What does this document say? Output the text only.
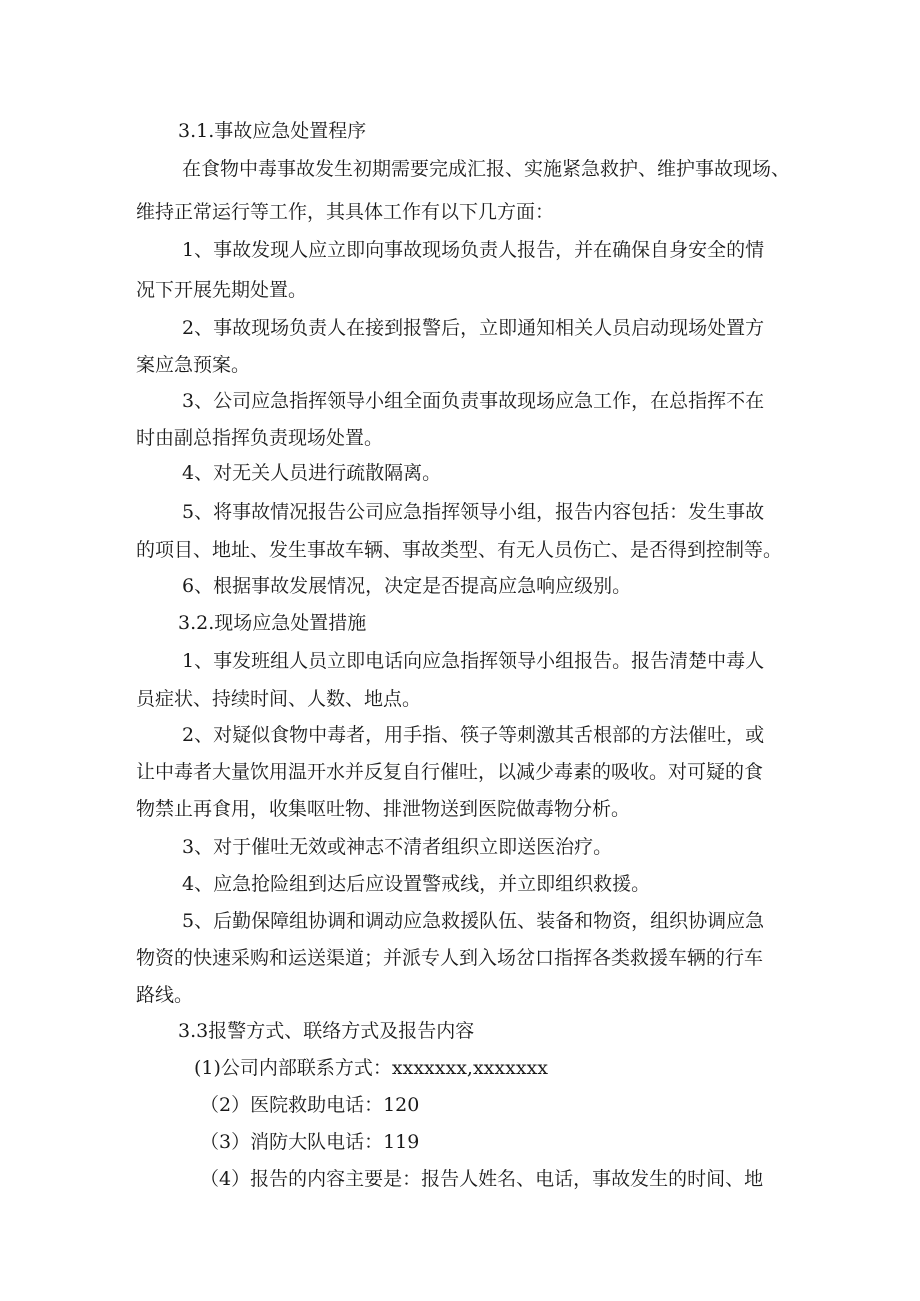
3.1.事故应急处置程序

在食物中毒事故发生初期需要完成汇报、实施紧急救护、维护事故现场、

维持正常运行等工作，其具体工作有以下几方面：

1、事故发现人应立即向事故现场负责人报告，并在确保自身安全的情

况下开展先期处置。

2、事故现场负责人在接到报警后，立即通知相关人员启动现场处置方

案应急预案。

3、公司应急指挥领导小组全面负责事故现场应急工作，在总指挥不在

时由副总指挥负责现场处置。

4、对无关人员进行疏散隔离。

5、将事故情况报告公司应急指挥领导小组，报告内容包括：发生事故

的项目、地址、发生事故车辆、事故类型、有无人员伤亡、是否得到控制等。

6、根据事故发展情况，决定是否提高应急响应级别。

3.2.现场应急处置措施

1、事发班组人员立即电话向应急指挥领导小组报告。报告清楚中毒人

员症状、持续时间、人数、地点。

2、对疑似食物中毒者，用手指、筷子等刺激其舌根部的方法催吐，或

让中毒者大量饮用温开水并反复自行催吐，以减少毒素的吸收。对可疑的食

物禁止再食用，收集呕吐物、排泄物送到医院做毒物分析。

3、对于催吐无效或神志不清者组织立即送医治疗。

4、应急抢险组到达后应设置警戒线，并立即组织救援。

5、后勤保障组协调和调动应急救援队伍、装备和物资，组织协调应急

物资的快速采购和运送渠道；并派专人到入场岔口指挥各类救援车辆的行车

路线。

3.3报警方式、联络方式及报告内容

(1)公司内部联系方式：xxxxxxx,xxxxxxx

（2）医院救助电话：120

（3）消防大队电话：119

（4）报告的内容主要是：报告人姓名、电话，事故发生的时间、地
